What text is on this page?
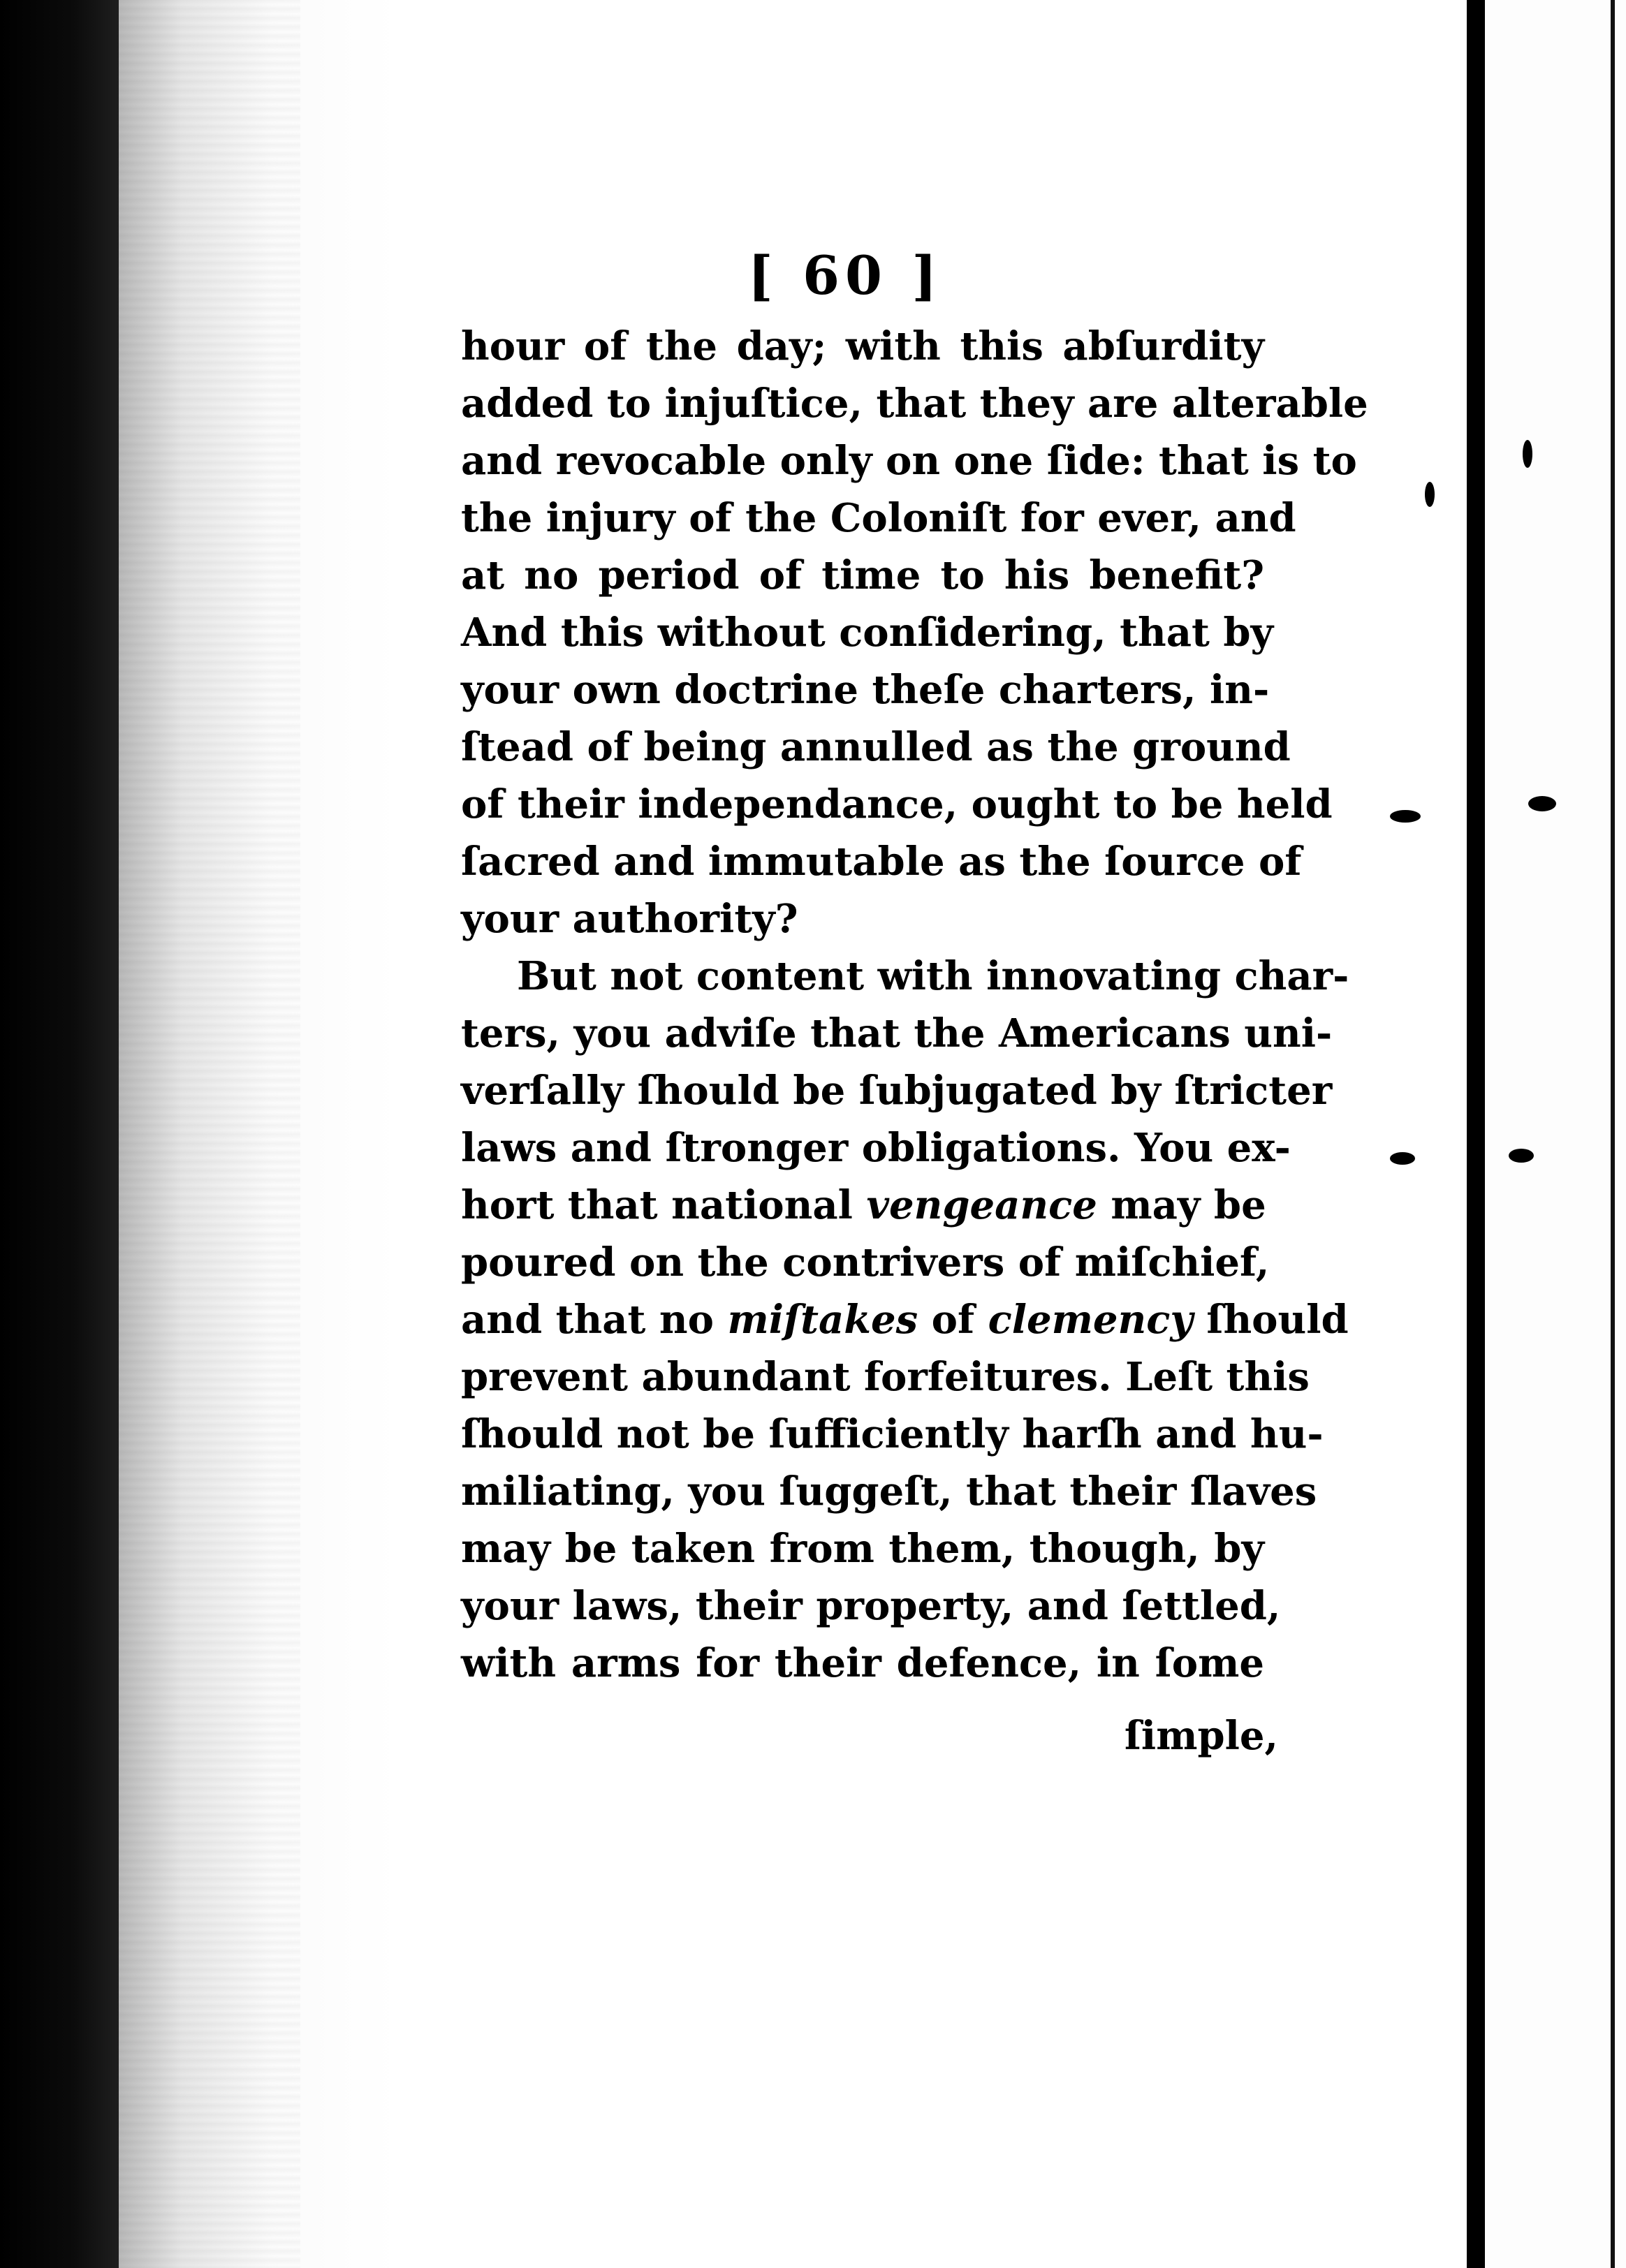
[ 60 ]
hour of the day; with this abſurdity
added to injuſtice, that they are alterable
and revocable only on one ſide: that is to
the injury of the Coloniſt for ever, and
at no period of time to his benefit?
And this without conſidering, that by
your own doctrine theſe charters, in-
ſtead of being annulled as the ground
of their independance, ought to be held
ſacred and immutable as the ſource of
your authority?
But not content with innovating char-
ters, you adviſe that the Americans uni-
verſally ſhould be ſubjugated by ſtricter
laws and ſtronger obligations. You ex-
hort that national vengeance may be
poured on the contrivers of miſchief,
and that no miſtakes of clemency ſhould
prevent abundant forfeitures. Leſt this
ſhould not be ſufficiently harſh and hu-
miliating, you ſuggeſt, that their ſlaves
may be taken from them, though, by
your laws, their property, and ſettled,
with arms for their defence, in ſome
ſimple,
